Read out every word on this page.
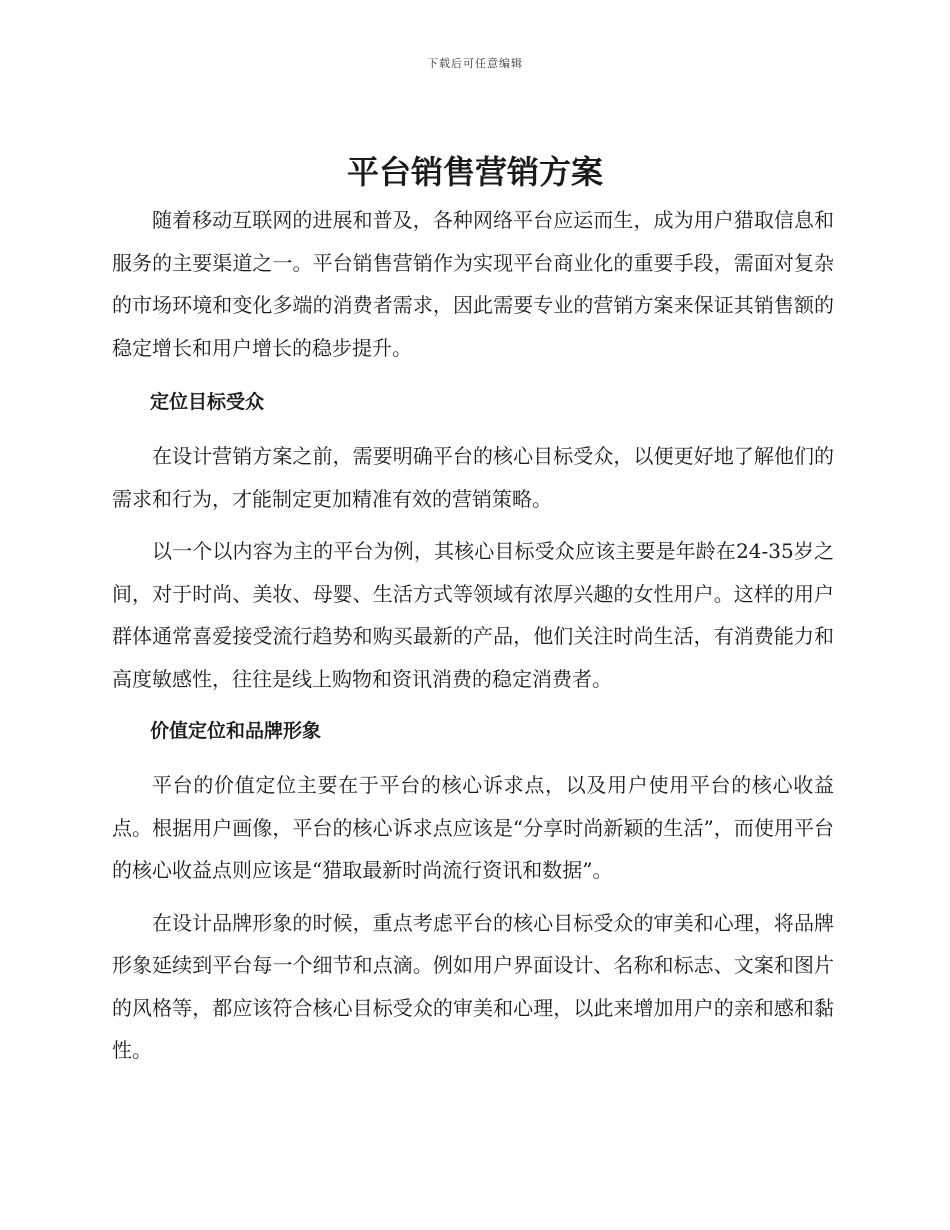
下载后可任意编辑
平台销售营销方案

随着移动互联网的进展和普及，各种网络平台应运而生，成为用户猎取信息和服务的主要渠道之一。平台销售营销作为实现平台商业化的重要手段，需面对复杂的市场环境和变化多端的消费者需求，因此需要专业的营销方案来保证其销售额的稳定增长和用户增长的稳步提升。

定位目标受众

在设计营销方案之前，需要明确平台的核心目标受众，以便更好地了解他们的需求和行为，才能制定更加精准有效的营销策略。

以一个以内容为主的平台为例，其核心目标受众应该主要是年龄在24-35岁之间，对于时尚、美妆、母婴、生活方式等领域有浓厚兴趣的女性用户。这样的用户群体通常喜爱接受流行趋势和购买最新的产品，他们关注时尚生活，有消费能力和高度敏感性，往往是线上购物和资讯消费的稳定消费者。

价值定位和品牌形象

平台的价值定位主要在于平台的核心诉求点，以及用户使用平台的核心收益点。根据用户画像，平台的核心诉求点应该是“分享时尚新颖的生活”，而使用平台的核心收益点则应该是“猎取最新时尚流行资讯和数据”。

在设计品牌形象的时候，重点考虑平台的核心目标受众的审美和心理，将品牌形象延续到平台每一个细节和点滴。例如用户界面设计、名称和标志、文案和图片的风格等，都应该符合核心目标受众的审美和心理，以此来增加用户的亲和感和黏性。
